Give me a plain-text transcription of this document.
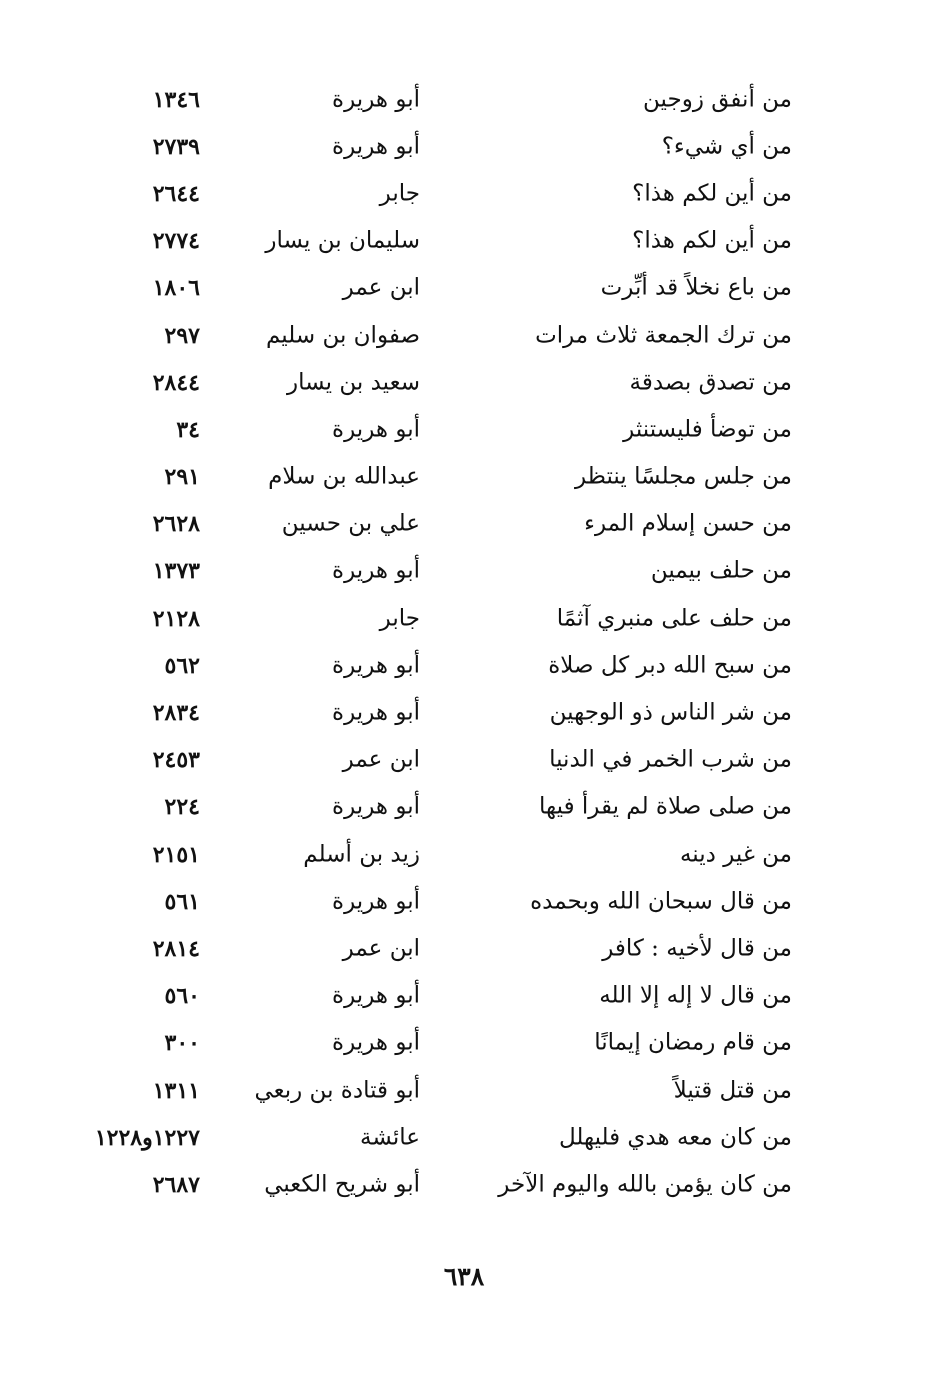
من أنفق زوجين
أبو هريرة
١٣٤٦
من أي شيء؟
أبو هريرة
٢٧٣٩
من أين لكم هذا؟
جابر
٢٦٤٤
من أين لكم هذا؟
سليمان بن يسار
٢٧٧٤
من باع نخلاً قد أبِّرت
ابن عمر
١٨٠٦
من ترك الجمعة ثلاث مرات
صفوان بن سليم
٢٩٧
من تصدق بصدقة
سعيد بن يسار
٢٨٤٤
من توضأ فليستنثر
أبو هريرة
٣٤
من جلس مجلسًا ينتظر
عبدالله بن سلام
٢٩١
من حسن إسلام المرء
علي بن حسين
٢٦٢٨
من حلف بيمين
أبو هريرة
١٣٧٣
من حلف على منبري آثمًا
جابر
٢١٢٨
من سبح الله دبر كل صلاة
أبو هريرة
٥٦٢
من شر الناس ذو الوجهين
أبو هريرة
٢٨٣٤
من شرب الخمر في الدنيا
ابن عمر
٢٤٥٣
من صلى صلاة لم يقرأ فيها
أبو هريرة
٢٢٤
من غير دينه
زيد بن أسلم
٢١٥١
من قال سبحان الله وبحمده
أبو هريرة
٥٦١
من قال لأخيه : كافر
ابن عمر
٢٨١٤
من قال لا إله إلا الله
أبو هريرة
٥٦٠
من قام رمضان إيمانًا
أبو هريرة
٣٠٠
من قتل قتيلاً
أبو قتادة بن ربعي
١٣١١
من كان معه هدي فليهلل
عائشة
١٢٢٧و١٢٢٨
من كان يؤمن بالله واليوم الآخر
أبو شريح الكعبي
٢٦٨٧
٦٣٨
